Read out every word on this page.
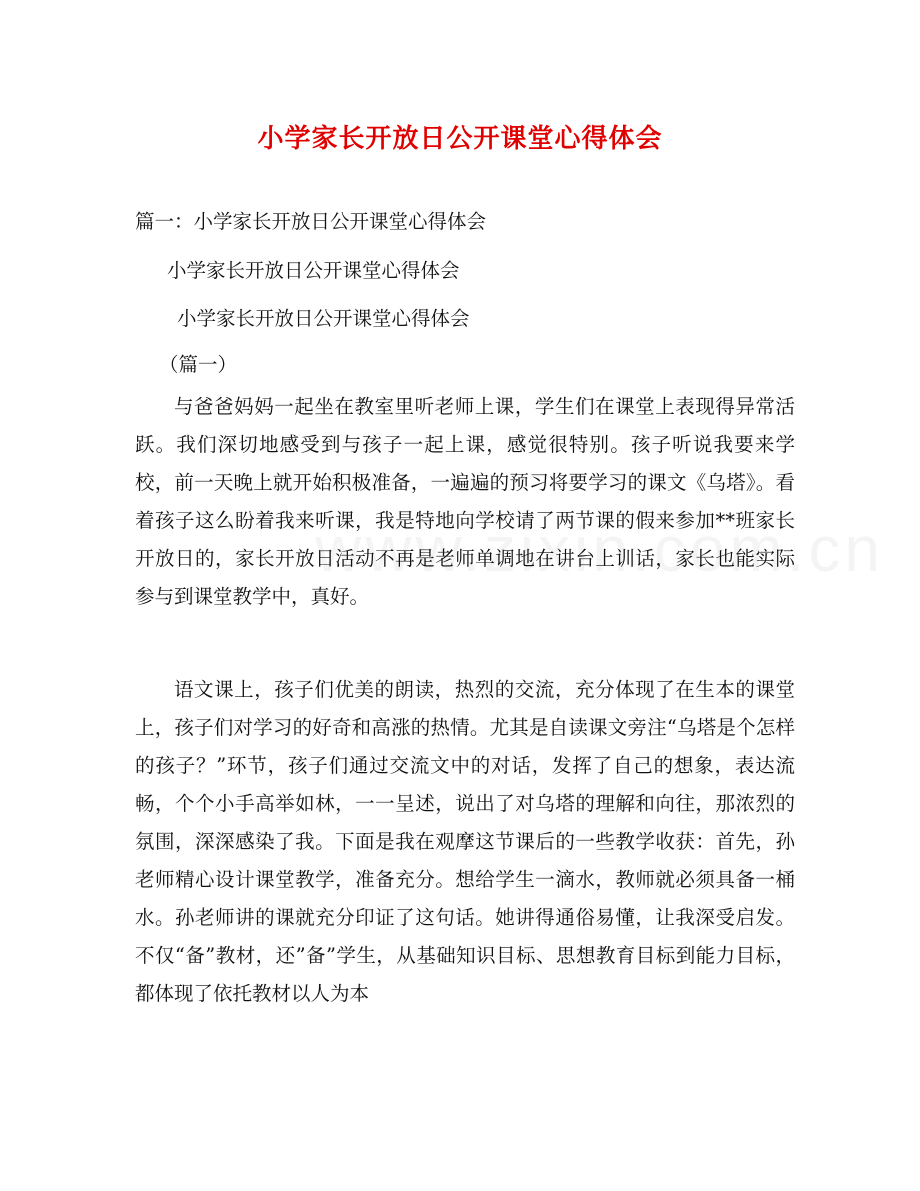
小学家长开放日公开课堂心得体会
篇一：小学家长开放日公开课堂心得体会
小学家长开放日公开课堂心得体会
小学家长开放日公开课堂心得体会
（篇一）
与爸爸妈妈一起坐在教室里听老师上课，学生们在课堂上表现得异常活跃。我们深切地感受到与孩子一起上课，感觉很特别。孩子听说我要来学校，前一天晚上就开始积极准备，一遍遍的预习将要学习的课文《乌塔》。看着孩子这么盼着我来听课，我是特地向学校请了两节课的假来参加**班家长开放日的，家长开放日活动不再是老师单调地在讲台上训话，家长也能实际参与到课堂教学中，真好。
语文课上，孩子们优美的朗读，热烈的交流，充分体现了在生本的课堂上，孩子们对学习的好奇和高涨的热情。尤其是自读课文旁注“乌塔是个怎样的孩子？”环节，孩子们通过交流文中的对话，发挥了自己的想象，表达流畅，个个小手高举如林，一一呈述，说出了对乌塔的理解和向往，那浓烈的氛围，深深感染了我。下面是我在观摩这节课后的一些教学收获：首先，孙老师精心设计课堂教学，准备充分。想给学生一滴水，教师就必须具备一桶水。孙老师讲的课就充分印证了这句话。她讲得通俗易懂，让我深受启发。不仅“备”教材，还”备”学生，从基础知识目标、思想教育目标到能力目标，都体现了依托教材以人为本
